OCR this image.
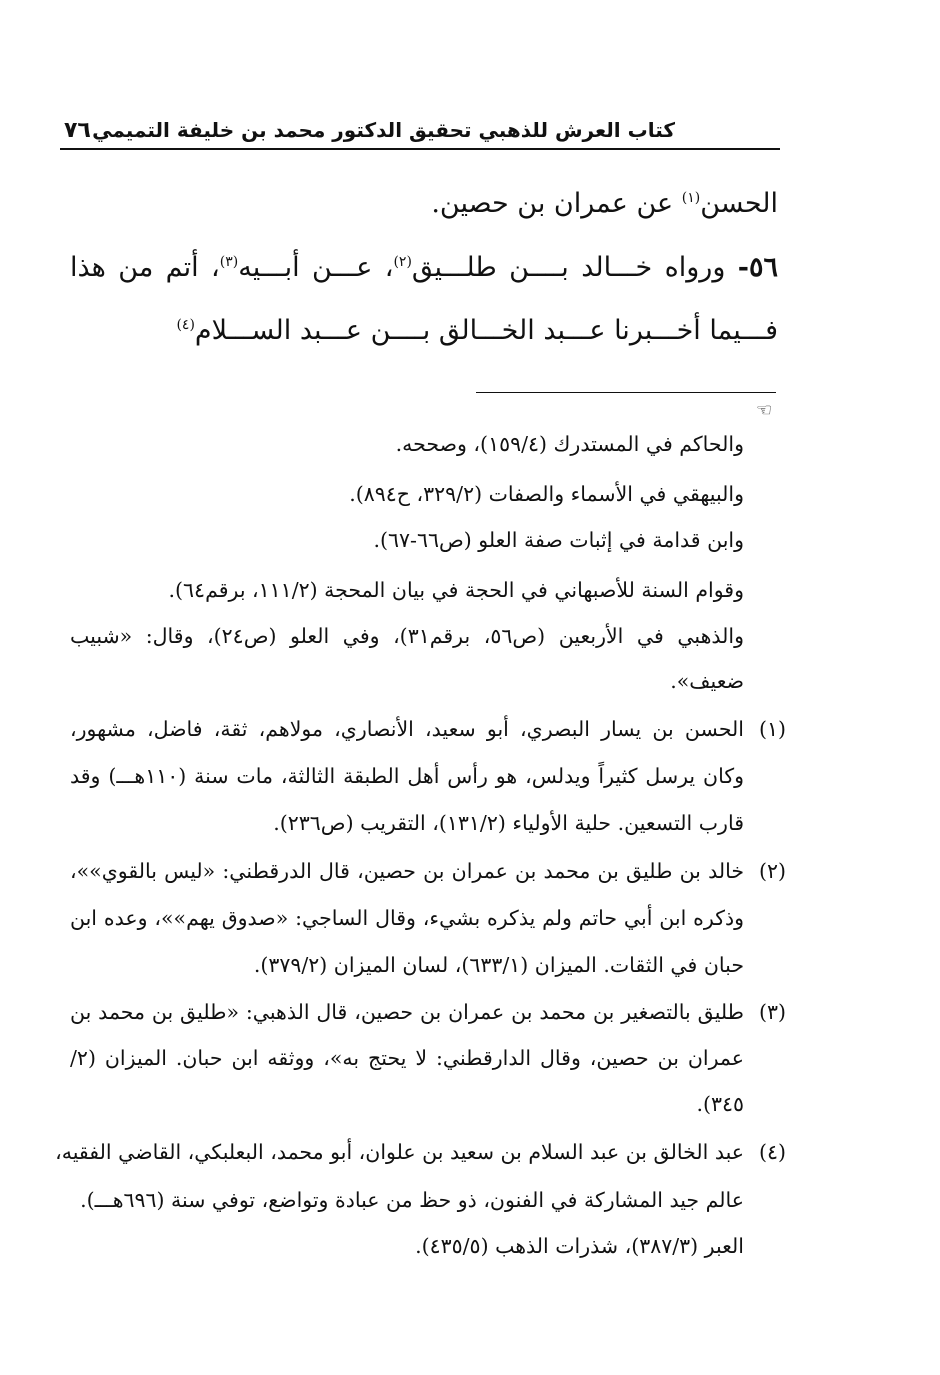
كتاب العرش للذهبي تحقيق الدكتور محمد بن خليفة التميمي
٧٦
الحسن$^{(١)}$ عن عمران بن حصين.
٥٦- ورواه خـــالد بــــن طلـــيق$^{(٢)}$، عـــن أبـــيه$^{(٣)}$، أتم من هذا
فـــيما أخـــبرنا عـــبد الخـــالق بــــن عـــبد الســـلام$^{(٤)}$
☜
والحاكم في المستدرك (١٥٩/٤)، وصححه.
والبيهقي في الأسماء والصفات (٣٢٩/٢، ح٨٩٤).
وابن قدامة في إثبات صفة العلو (ص٦٦-٦٧).
وقوام السنة للأصبهاني في الحجة في بيان المحجة (١١١/٢، برقم٦٤).
والذهبي في الأربعين (ص٥٦، برقم٣١)، وفي العلو (ص٢٤)، وقال: «شبيب
ضعيف».
(١)
الحسن بن يسار البصري، أبو سعيد، الأنصاري، مولاهم، ثقة، فاضل، مشهور،
وكان يرسل كثيراً ويدلس، هو رأس أهل الطبقة الثالثة، مات سنة (١١٠هـــ) وقد
قارب التسعين. حلية الأولياء (١٣١/٢)، التقريب (ص٢٣٦).
(٢)
خالد بن طليق بن محمد بن عمران بن حصين، قال الدرقطني: «ليس بالقوي»»،
وذكره ابن أبي حاتم ولم يذكره بشيء، وقال الساجي: «صدوق يهم»»، وعده ابن
حبان في الثقات. الميزان (٦٣٣/١)، لسان الميزان (٣٧٩/٢).
(٣)
طليق بالتصغير بن محمد بن عمران بن حصين، قال الذهبي: «طليق بن محمد بن
عمران بن حصين، وقال الدارقطني: لا يحتج به»، ووثقه ابن حبان. الميزان (٢/
٣٤٥).
(٤)
عبد الخالق بن عبد السلام بن سعيد بن علوان، أبو محمد، البعلبكي، القاضي الفقيه،
عالم جيد المشاركة في الفنون، ذو حظ من عبادة وتواضع، توفي سنة (٦٩٦هـــ).
العبر (٣٨٧/٣)، شذرات الذهب (٤٣٥/٥).
